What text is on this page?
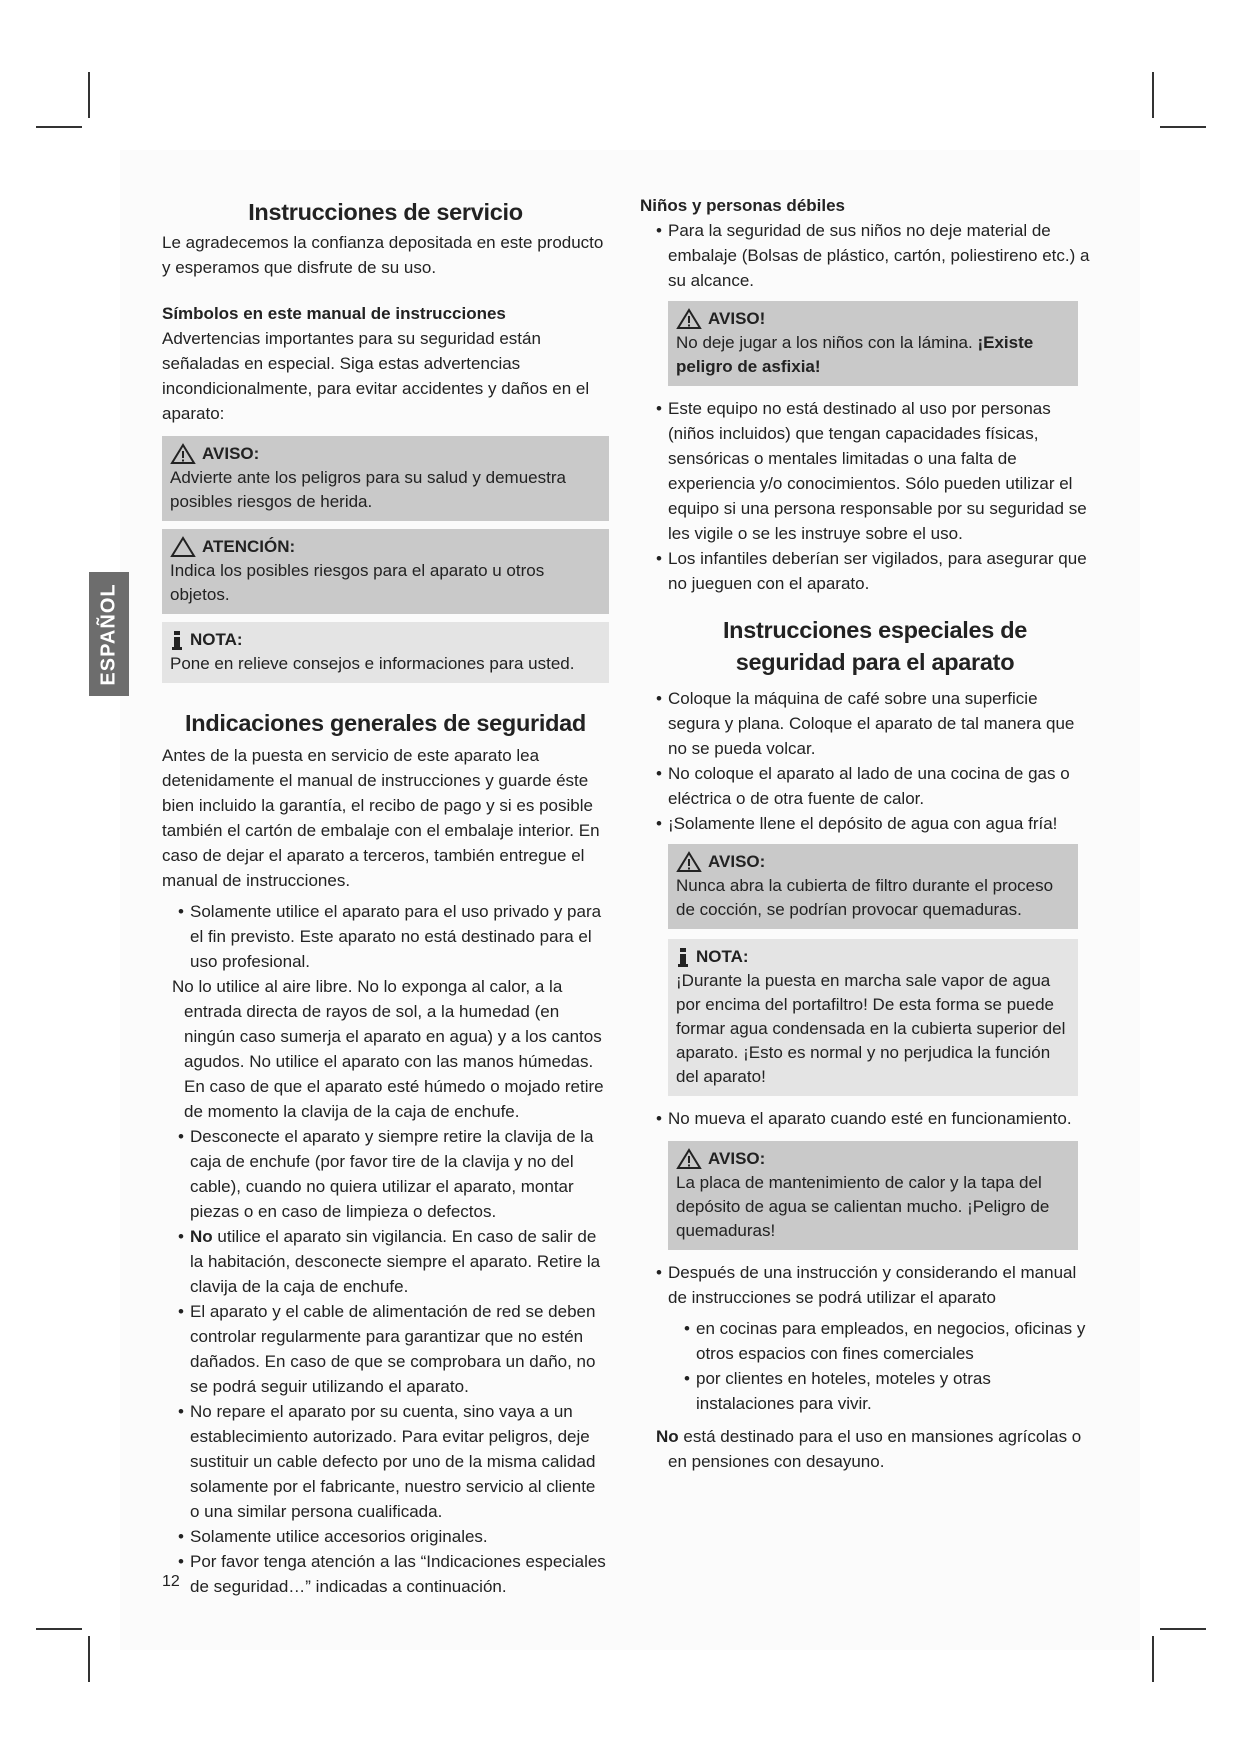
ESPAÑOL
Instrucciones de servicio

Le agradecemos la confianza depositada en este producto y esperamos que disfrute de su uso.

Símbolos en este manual de instrucciones

Advertencias importantes para su seguridad están señaladas en especial. Siga estas advertencias incondicionalmente, para evitar accidentes y daños en el aparato:

AVISO:
Advierte ante los peligros para su salud y demuestra posibles riesgos de herida.
ATENCIÓN:
Indica los posibles riesgos para el aparato u otros objetos.
NOTA:
Pone en relieve consejos e informaciones para usted.
Indicaciones generales de seguridad

Antes de la puesta en servicio de este aparato lea detenidamente el manual de instrucciones y guarde éste bien incluido la garantía, el recibo de pago y si es posible también el cartón de embalaje con el embalaje interior. En caso de dejar el aparato a terceros, también entregue el manual de instrucciones.

• Solamente utilice el aparato para el uso privado y para el fin previsto. Este aparato no está destinado para el uso profesional.
No lo utilice al aire libre. No lo exponga al calor, a la entrada directa de rayos de sol, a la humedad (en ningún caso sumerja el aparato en agua) y a los cantos agudos. No utilice el aparato con las manos húmedas. En caso de que el aparato esté húmedo o mojado retire de momento la clavija de la caja de enchufe.
• Desconecte el aparato y siempre retire la clavija de la caja de enchufe (por favor tire de la clavija y no del cable), cuando no quiera utilizar el aparato, montar piezas o en caso de limpieza o defectos.
• No utilice el aparato sin vigilancia. En caso de salir de la habitación, desconecte siempre el aparato. Retire la clavija de la caja de enchufe.
• El aparato y el cable de alimentación de red se deben controlar regularmente para garantizar que no estén dañados. En caso de que se comprobara un daño, no se podrá seguir utilizando el aparato.
• No repare el aparato por su cuenta, sino vaya a un establecimiento autorizado. Para evitar peligros, deje sustituir un cable defecto por uno de la misma calidad solamente por el fabricante, nuestro servicio al cliente o una similar persona cualificada.
• Solamente utilice accesorios originales.
• Por favor tenga atención a las “Indicaciones especiales de seguridad…” indicadas a continuación.
Niños y personas débiles
• Para la seguridad de sus niños no deje material de embalaje (Bolsas de plástico, cartón, poliestireno etc.) a su alcance.
AVISO!
No deje jugar a los niños con la lámina. ¡Existe peligro de asfixia!
• Este equipo no está destinado al uso por personas (niños incluidos) que tengan capacidades físicas, sensóricas o mentales limitadas o una falta de experiencia y/o conocimientos. Sólo pueden utilizar el equipo si una persona responsable por su seguridad se les vigile o se les instruye sobre el uso.
• Los infantiles deberían ser vigilados, para asegurar que no jueguen con el aparato.
Instrucciones especiales de seguridad para el aparato
• Coloque la máquina de café sobre una superficie segura y plana. Coloque el aparato de tal manera que no se pueda volcar.
• No coloque el aparato al lado de una cocina de gas o eléctrica o de otra fuente de calor.
• ¡Solamente llene el depósito de agua con agua fría!
AVISO:
Nunca abra la cubierta de filtro durante el proceso de cocción, se podrían provocar quemaduras.
NOTA:
¡Durante la puesta en marcha sale vapor de agua por encima del portafiltro! De esta forma se puede formar agua condensada en la cubierta superior del aparato. ¡Esto es normal y no perjudica la función del aparato!
• No mueva el aparato cuando esté en funcionamiento.
AVISO:
La placa de mantenimiento de calor y la tapa del depósito de agua se calientan mucho. ¡Peligro de quemaduras!
• Después de una instrucción y considerando el manual de instrucciones se podrá utilizar el aparato
• en cocinas para empleados, en negocios, oficinas y otros espacios con fines comerciales
• por clientes en hoteles, moteles y otras instalaciones para vivir.

No está destinado para el uso en mansiones agrícolas o en pensiones con desayuno.

12
